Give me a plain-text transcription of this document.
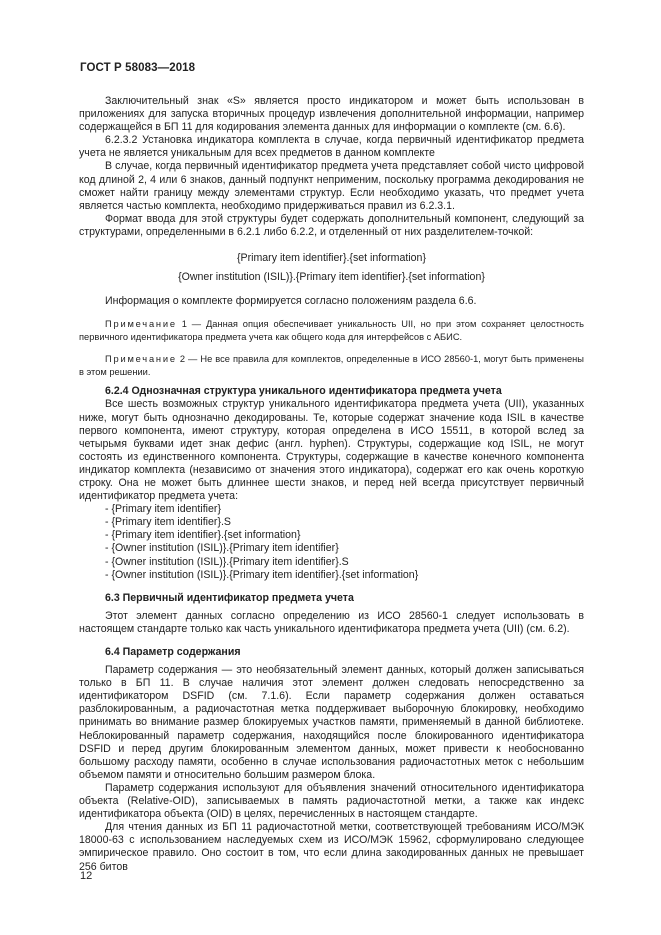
ГОСТ Р 58083—2018

Заключительный знак «S» является просто индикатором и может быть использован в приложениях для запуска вторичных процедур извлечения дополнительной информации, например содержащейся в БП 11 для кодирования элемента данных для информации о комплекте (см. 6.6).

6.2.3.2 Установка индикатора комплекта в случае, когда первичный идентификатор предмета учета не является уникальным для всех предметов в данном комплекте

В случае, когда первичный идентификатор предмета учета представляет собой чисто цифровой код длиной 2, 4 или 6 знаков, данный подпункт неприменим, поскольку программа декодирования не сможет найти границу между элементами структур. Если необходимо указать, что предмет учета является частью комплекта, необходимо придерживаться правил из 6.2.3.1.

Формат ввода для этой структуры будет содержать дополнительный компонент, следующий за структурами, определенными в 6.2.1 либо 6.2.2, и отделенный от них разделителем-точкой:

{Primary item identifier}.{set information}

{Owner institution (ISIL)}.{Primary item identifier}.{set information}

Информация о комплекте формируется согласно положениям раздела 6.6.

Примечание 1 — Данная опция обеспечивает уникальность UII, но при этом сохраняет целостность первичного идентификатора предмета учета как общего кода для интерфейсов с АБИС.

Примечание 2 — Не все правила для комплектов, определенные в ИСО 28560-1, могут быть применены в этом решении.

6.2.4 Однозначная структура уникального идентификатора предмета учета

Все шесть возможных структур уникального идентификатора предмета учета (UII), указанных ниже, могут быть однозначно декодированы. Те, которые содержат значение кода ISIL в качестве первого компонента, имеют структуру, которая определена в ИСО 15511, в которой вслед за четырьмя буквами идет знак дефис (англ. hyphen). Структуры, содержащие код ISIL, не могут состоять из единственного компонента. Структуры, содержащие в качестве конечного компонента индикатор комплекта (независимо от значения этого индикатора), содержат его как очень короткую строку. Она не может быть длиннее шести знаков, и перед ней всегда присутствует первичный идентификатор предмета учета:

- {Primary item identifier}
- {Primary item identifier}.S
- {Primary item identifier}.{set information}
- {Owner institution (ISIL)}.{Primary item identifier}
- {Owner institution (ISIL)}.{Primary item identifier}.S
- {Owner institution (ISIL)}.{Primary item identifier}.{set information}
6.3 Первичный идентификатор предмета учета

Этот элемент данных согласно определению из ИСО 28560-1 следует использовать в настоящем стандарте только как часть уникального идентификатора предмета учета (UII) (см. 6.2).

6.4 Параметр содержания

Параметр содержания — это необязательный элемент данных, который должен записываться только в БП 11. В случае наличия этот элемент должен следовать непосредственно за идентификатором DSFID (см. 7.1.6). Если параметр содержания должен оставаться разблокированным, а радиочастотная метка поддерживает выборочную блокировку, необходимо принимать во внимание размер блокируемых участков памяти, применяемый в данной библиотеке. Неблокированный параметр содержания, находящийся после блокированного идентификатора DSFID и перед другим блокированным элементом данных, может привести к необоснованно большому расходу памяти, особенно в случае использования радиочастотных меток с небольшим объемом памяти и относительно большим размером блока.

Параметр содержания используют для объявления значений относительного идентификатора объекта (Relative-OID), записываемых в память радиочастотной метки, а также как индекс идентификатора объекта (OID) в целях, перечисленных в настоящем стандарте.

Для чтения данных из БП 11 радиочастотной метки, соответствующей требованиям ИСО/МЭК 18000-63 с использованием наследуемых схем из ИСО/МЭК 15962, сформулировано следующее эмпирическое правило. Оно состоит в том, что если длина закодированных данных не превышает 256 битов

12
